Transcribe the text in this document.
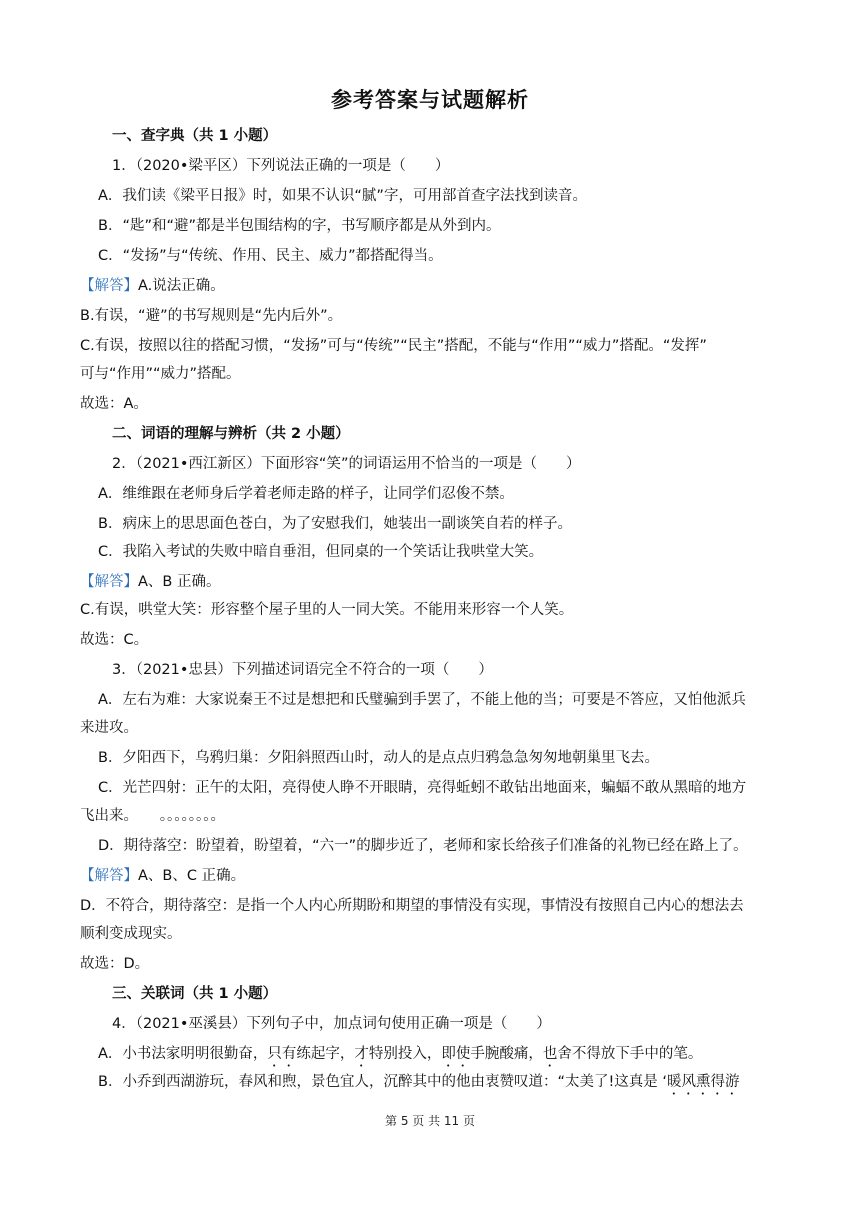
参考答案与试题解析
一、查字典（共 1 小题）
1．（2020•梁平区）下列说法正确的一项是（　　）
A．我们读《梁平日报》时，如果不认识“腻”字，可用部首查字法找到读音。
B．“匙”和“避”都是半包围结构的字，书写顺序都是从外到内。
C．“发扬”与“传统、作用、民主、威力”都搭配得当。
【解答】A.说法正确。
B.有误，“避”的书写规则是“先内后外”。
C.有误，按照以往的搭配习惯，“发扬”可与“传统”“民主”搭配，不能与“作用”“威力”搭配。“发挥”
可与“作用”“威力”搭配。
故选：A。
二、词语的理解与辨析（共 2 小题）
2．（2021•西江新区）下面形容“笑”的词语运用不恰当的一项是（　　）
A．维维跟在老师身后学着老师走路的样子，让同学们忍俊不禁。
B．病床上的思思面色苍白，为了安慰我们，她装出一副谈笑自若的样子。
C．我陷入考试的失败中暗自垂泪，但同桌的一个笑话让我哄堂大笑。
【解答】A、B 正确。
C.有误，哄堂大笑：形容整个屋子里的人一同大笑。不能用来形容一个人笑。
故选：C。
3．（2021•忠县）下列描述词语完全不符合的一项（　　）
A．左右为难：大家说秦王不过是想把和氏璧骗到手罢了，不能上他的当；可要是不答应，又怕他派兵
来进攻。
B．夕阳西下，乌鸦归巢：夕阳斜照西山时，动人的是点点归鸦急急匆匆地朝巢里飞去。
C．光芒四射：正午的太阳，亮得使人睁不开眼睛，亮得蚯蚓不敢钻出地面来，蝙蝠不敢从黑暗的地方
飞出来。　　。。。。。。。。
D．期待落空：盼望着，盼望着，“六一”的脚步近了，老师和家长给孩子们准备的礼物已经在路上了。
【解答】A、B、C 正确。
D．不符合，期待落空：是指一个人内心所期盼和期望的事情没有实现，事情没有按照自己内心的想法去
顺利变成现实。
故选：D。
三、关联词（共 1 小题）
4．（2021•巫溪县）下列句子中，加点词句使用正确一项是（　　）
A．小书法家明明很勤奋，只有练起字，才特别投入，即使手腕酸痛，也舍不得放下手中的笔。
B．小乔到西湖游玩，春风和煦，景色宜人，沉醉其中的他由衷赞叹道：“太美了!这真是 ‘暖风熏得游
第 5 页 共 11 页
